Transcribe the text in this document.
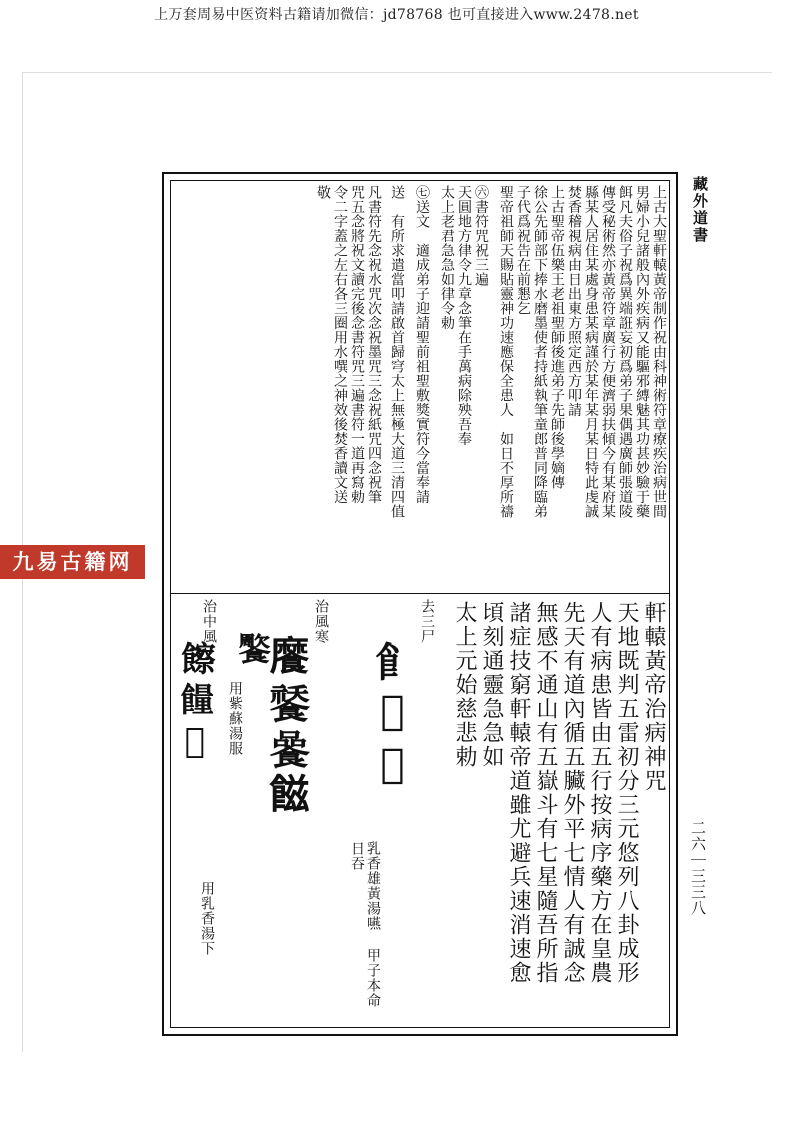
上万套周易中医资料古籍请加微信：jd78768 也可直接进入www.2478.net
藏外道書
二六｜三三八
上古大聖軒轅黃帝制作祝由科神術符章療疾治病世間
男婦小兒諸般內外疾病又能驅邪縛魅其功甚妙驗于藥
餌凡夫俗子祝爲異端誑妄初爲弟子果偶遇廣師張道陵
傳受秘術然亦黃帝符章廣行方便濟弱扶傾今有某府某
縣某人居住某處身患某病謹於某年某月某日特此虔誠
焚香稽視病由日出東方照定西方叩請
上古聖帝伍樂王老祖聖師後進弟子先師後學嫡傳
徐公先師部下捧水磨墨使者持紙執筆童郎普同降臨弟
子代爲祝告在前懇乞
聖帝祖師天賜貼靈神功速應保全患人　如日不厚所禱
㊅書符咒祝三遍
天圓地方律令九章念筆在手萬病除殃吾奉
太上老君急急如律令勅
㊆送文　適成弟子迎請聖前祖聖敷獎實符今當奉請
送　有所求遣當叩請啟首歸穹太上無極大道三清四值
凡書符先念祝水咒次念祝墨咒三念祝紙咒四念祝筆
咒五念將祝文讀完後念書符咒三遍書符一道再寫勅
令二字蓋之左右各三圈用水噀之神效後焚香讀文送
敬
軒轅黃帝治病神咒
天地既判五雷初分三元悠列八卦成形
人有病患皆由五行按病序藥方在皇農
先天有道內循五臟外平七情人有誠念
無感不通山有五嶽斗有七星隨吾所指
諸症技窮軒轅帝道雖尤避兵速消速愈
頃刻通靈急急如
太上元始慈悲勅
去三尸
𩙿𩛙𩛗
乳香雄黃湯嚥 甲子本命日吞
治風寒
𩞁𩜸𩜻𩝐
𩞺
用紫蘇湯服
治中風
𩟔𩞯𩝃
用乳香湯下
九易古籍网
